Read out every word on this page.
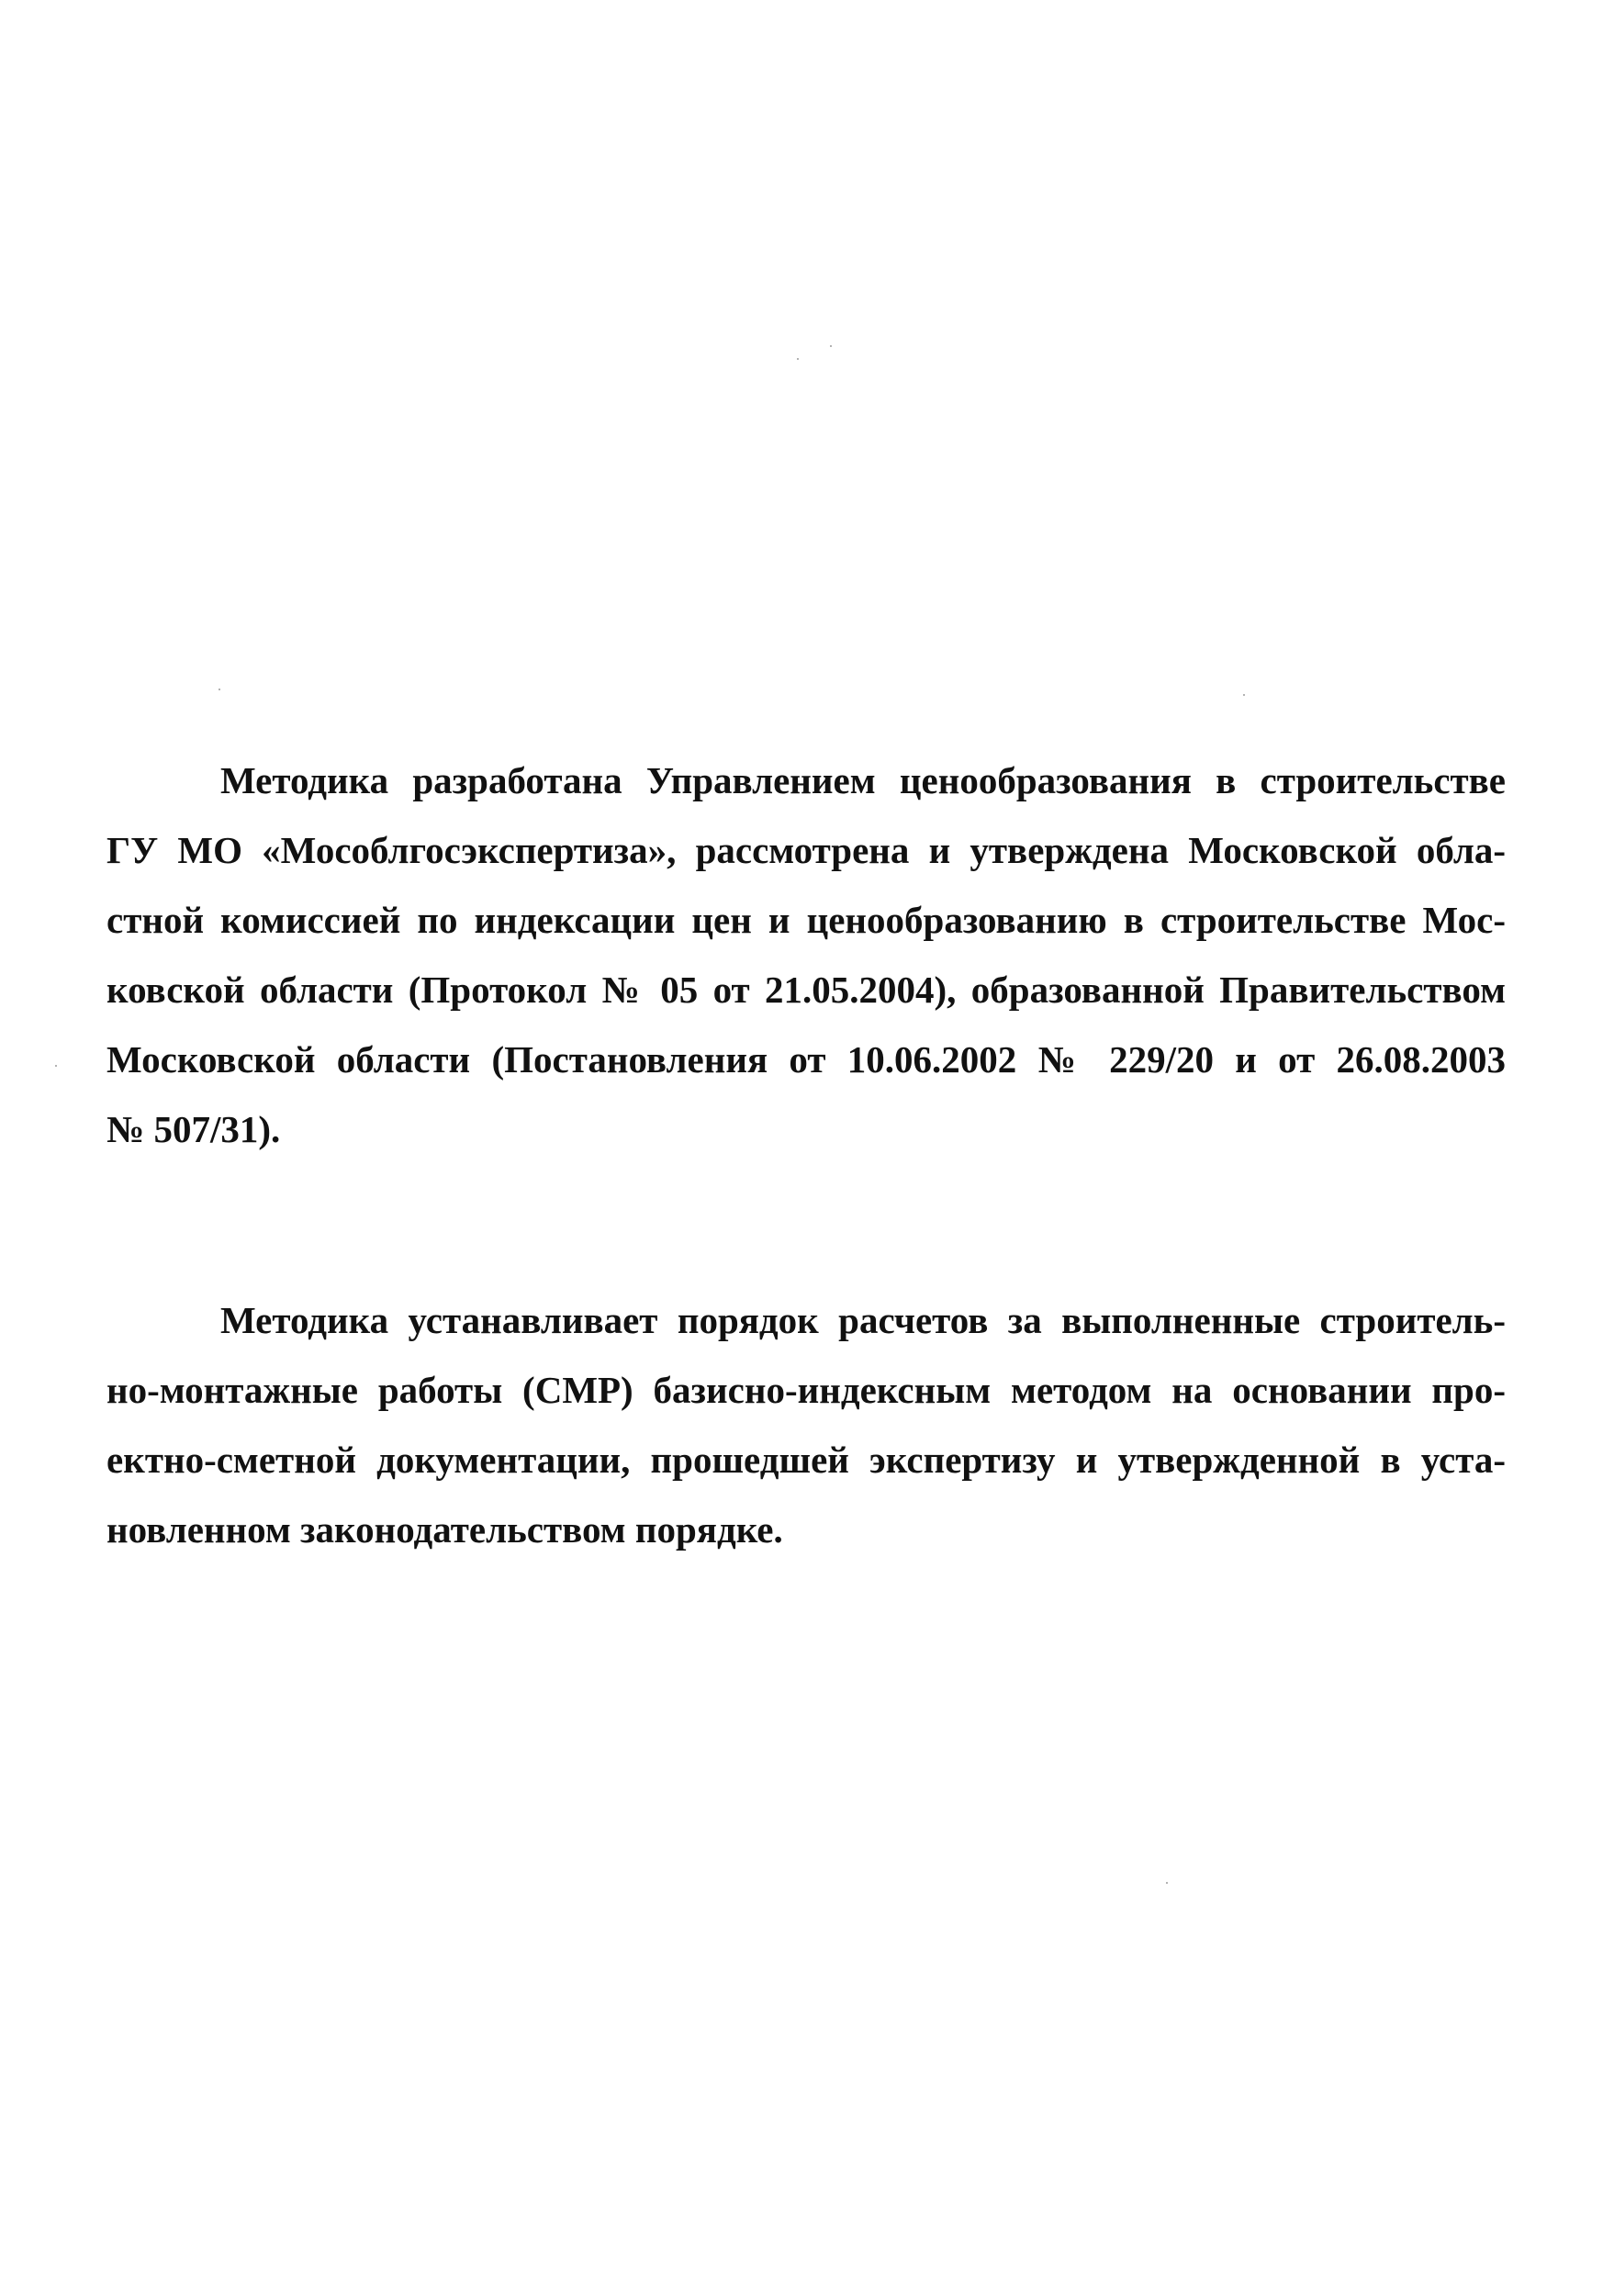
Методика разработана Управлением ценообразования в строительстве
ГУ МО «Мособлгосэкспертиза», рассмотрена и утверждена Московской обла-
стной комиссией по индексации цен и ценообразованию в строительстве Мос-
ковской области (Протокол № 05 от 21.05.2004), образованной Правительством
Московской области (Постановления от 10.06.2002 № 229/20 и от 26.08.2003
№ 507/31).
Методика устанавливает порядок расчетов за выполненные строитель-
но-монтажные работы (СМР) базисно-индексным методом на основании про-
ектно-сметной документации, прошедшей экспертизу и утвержденной в уста-
новленном законодательством порядке.
